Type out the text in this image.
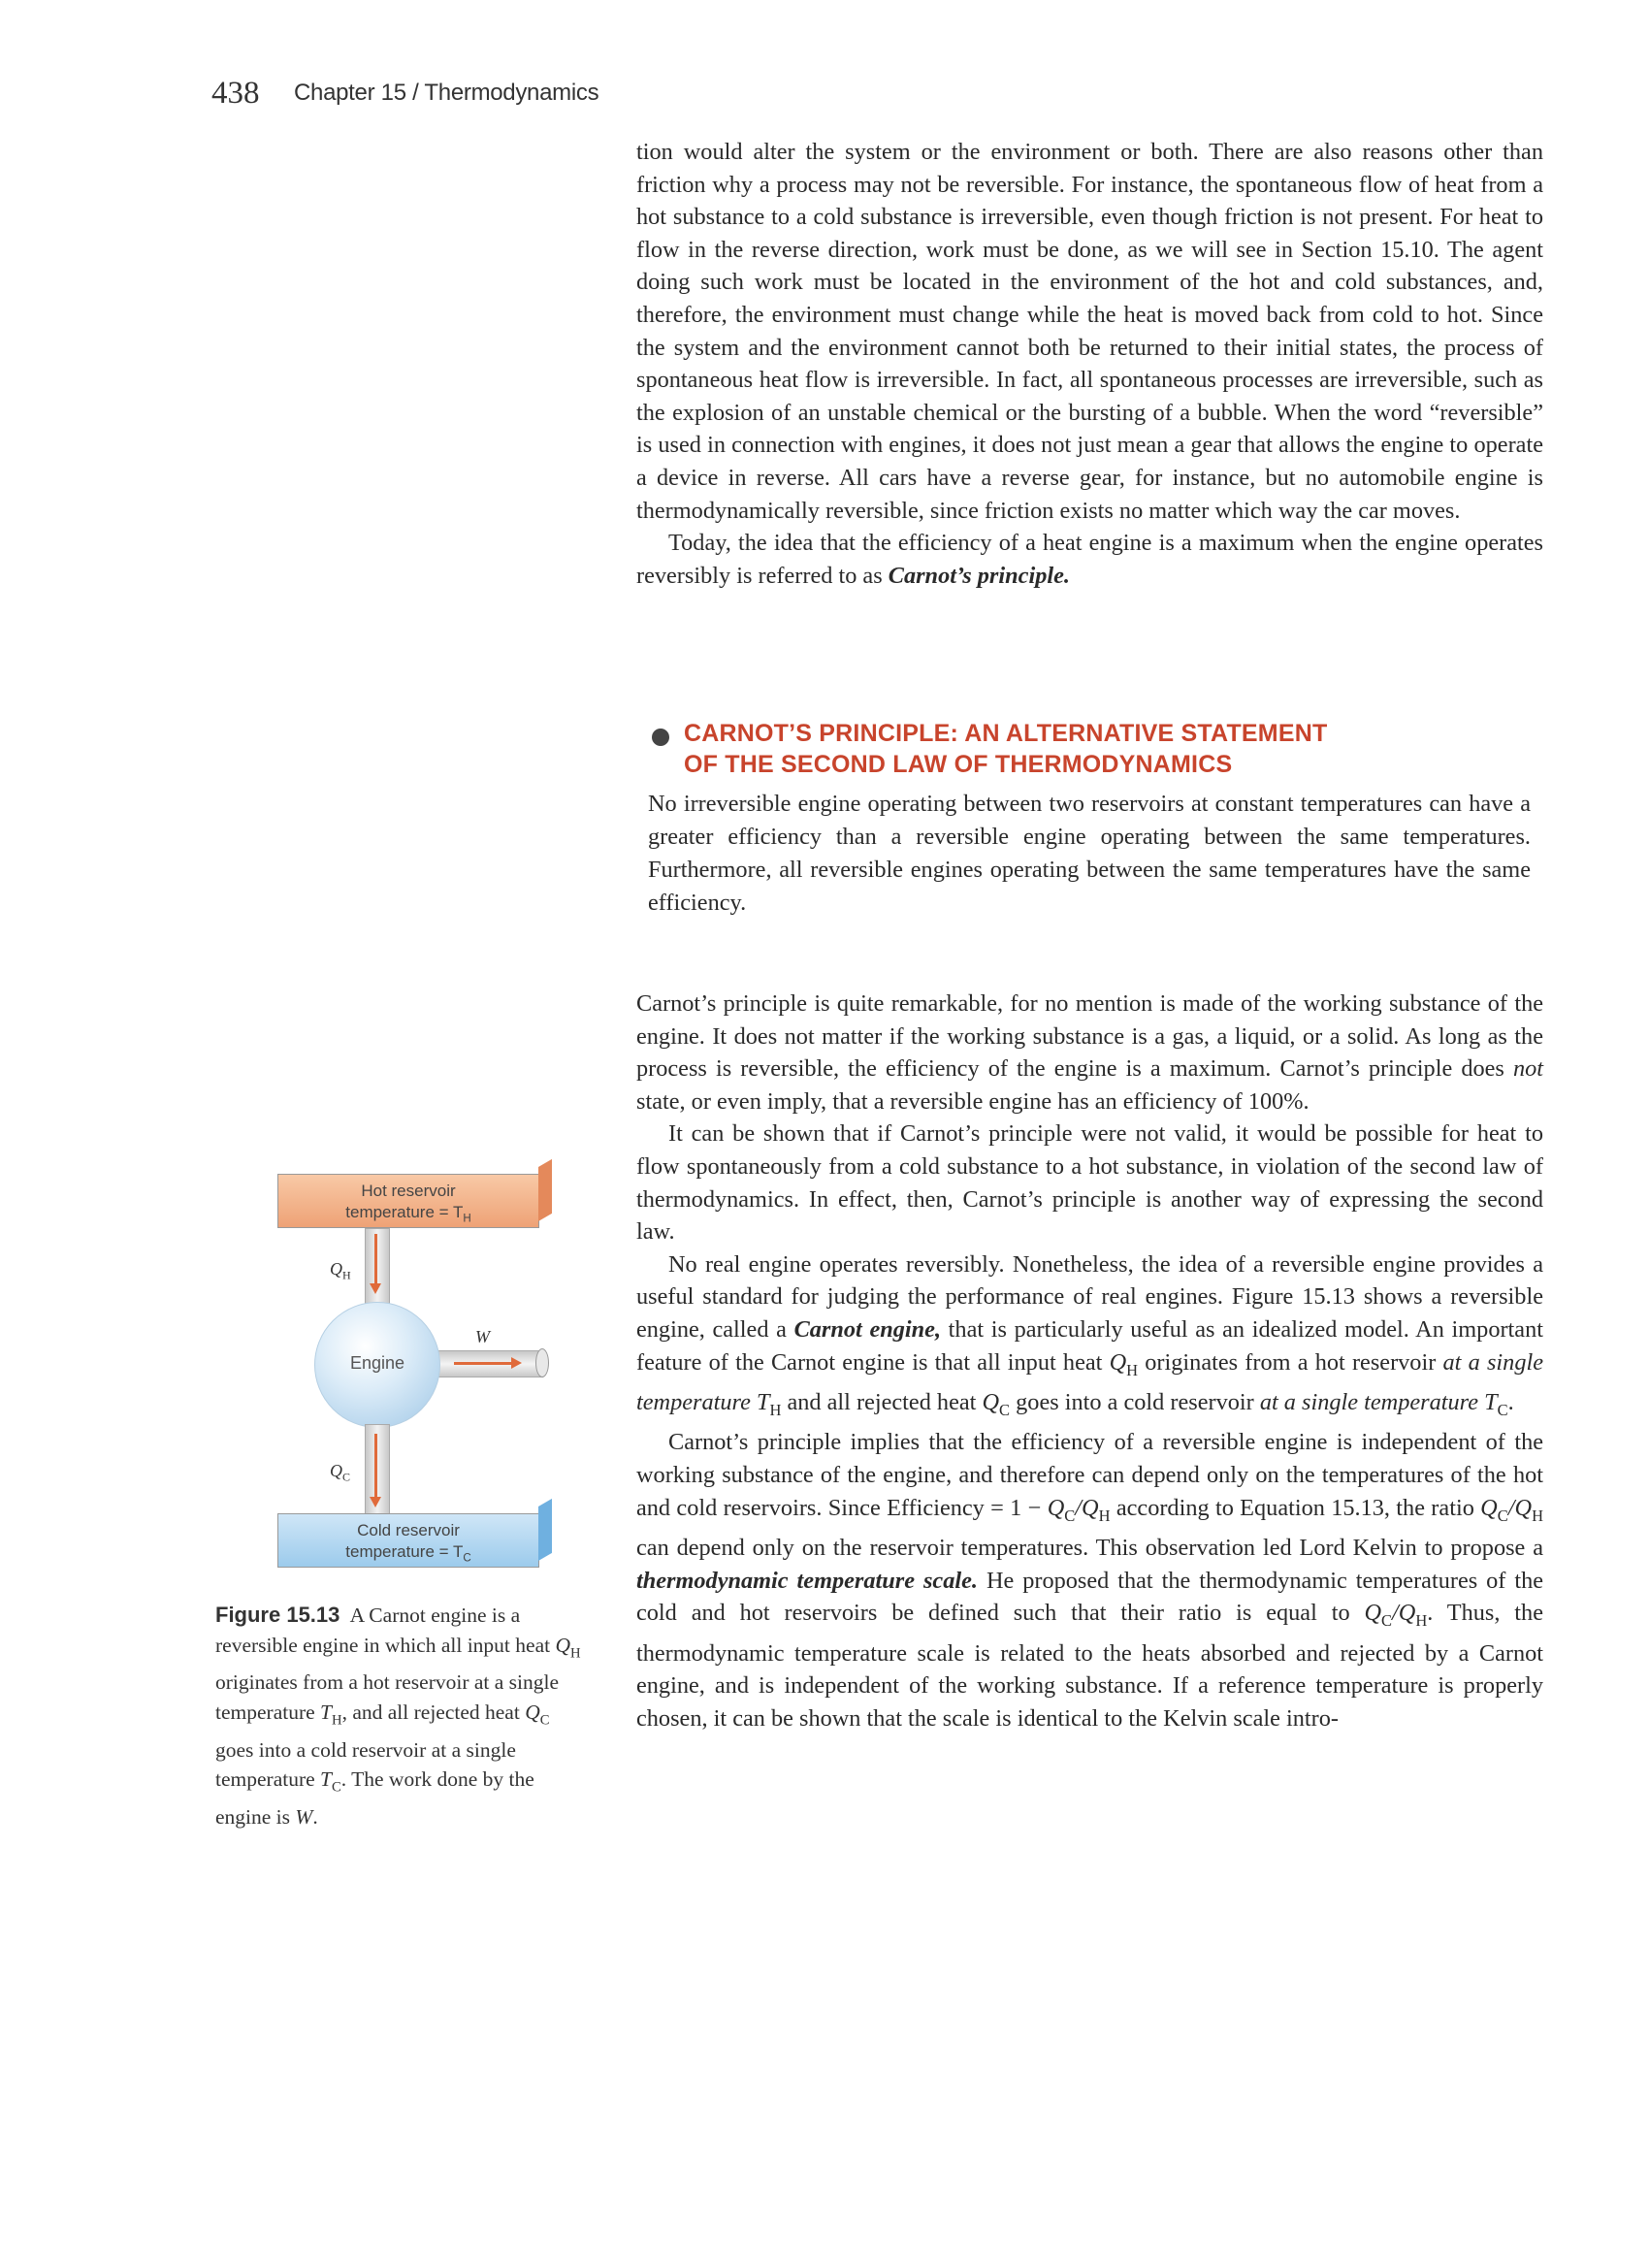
438 Chapter 15 / Thermodynamics

tion would alter the system or the environment or both. There are also reasons other than friction why a process may not be reversible. For instance, the spontaneous flow of heat from a hot substance to a cold substance is irreversible, even though friction is not present. For heat to flow in the reverse direction, work must be done, as we will see in Section 15.10. The agent doing such work must be located in the environment of the hot and cold substances, and, therefore, the environment must change while the heat is moved back from cold to hot. Since the system and the environment cannot both be returned to their initial states, the process of spontaneous heat flow is irreversible. In fact, all spontaneous processes are irreversible, such as the explosion of an unstable chemical or the bursting of a bubble. When the word “reversible” is used in connection with engines, it does not just mean a gear that allows the engine to operate a device in reverse. All cars have a reverse gear, for instance, but no automobile engine is thermodynamically reversible, since friction exists no matter which way the car moves.

Today, the idea that the efficiency of a heat engine is a maximum when the engine operates reversibly is referred to as Carnot’s principle.

CARNOT’S PRINCIPLE: AN ALTERNATIVE STATEMENT
OF THE SECOND LAW OF THERMODYNAMICS
No irreversible engine operating between two reservoirs at constant temperatures can have a greater efficiency than a reversible engine operating between the same temperatures. Furthermore, all reversible engines operating between the same temperatures have the same efficiency.
Hot reservoir
temperature = $T_H$
$Q_H$
W
Engine
$Q_C$
Cold reservoir
temperature = $T_C$
Figure 15.13 A Carnot engine is a reversible engine in which all input heat $Q_H$ originates from a hot reservoir at a single temperature $T_H$, and all rejected heat $Q_C$ goes into a cold reservoir at a single temperature $T_C$. The work done by the engine is W.

Carnot’s principle is quite remarkable, for no mention is made of the working substance of the engine. It does not matter if the working substance is a gas, a liquid, or a solid. As long as the process is reversible, the efficiency of the engine is a maximum. Carnot’s principle does not state, or even imply, that a reversible engine has an efficiency of 100%.

It can be shown that if Carnot’s principle were not valid, it would be possible for heat to flow spontaneously from a cold substance to a hot substance, in violation of the second law of thermodynamics. In effect, then, Carnot’s principle is another way of expressing the second law.

No real engine operates reversibly. Nonetheless, the idea of a reversible engine provides a useful standard for judging the performance of real engines. Figure 15.13 shows a reversible engine, called a Carnot engine, that is particularly useful as an idealized model. An important feature of the Carnot engine is that all input heat $Q_H$ originates from a hot reservoir at a single temperature $T_H$ and all rejected heat $Q_C$ goes into a cold reservoir at a single temperature $T_C$.

Carnot’s principle implies that the efficiency of a reversible engine is independent of the working substance of the engine, and therefore can depend only on the temperatures of the hot and cold reservoirs. Since Efficiency = $1 - Q_C/Q_H$ according to Equation 15.13, the ratio $Q_C/Q_H$ can depend only on the reservoir temperatures. This observation led Lord Kelvin to propose a thermodynamic temperature scale. He proposed that the thermodynamic temperatures of the cold and hot reservoirs be defined such that their ratio is equal to $Q_C/Q_H$. Thus, the thermodynamic temperature scale is related to the heats absorbed and rejected by a Carnot engine, and is independent of the working substance. If a reference temperature is properly chosen, it can be shown that the scale is identical to the Kelvin scale intro-
